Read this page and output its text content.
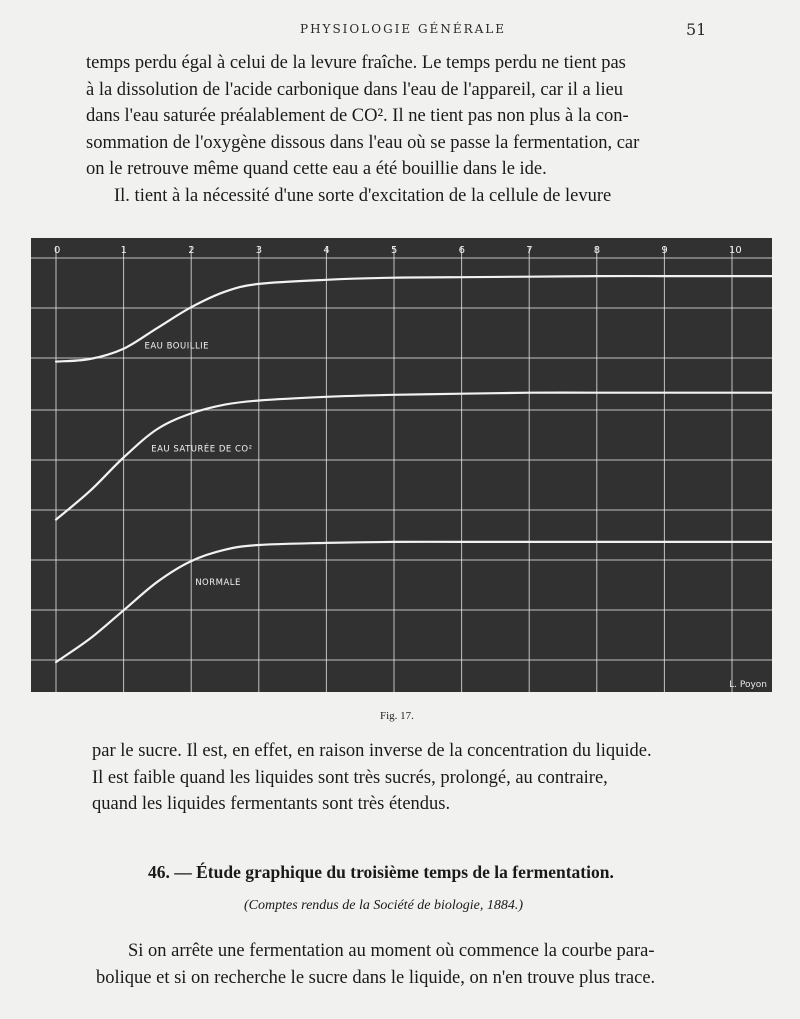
PHYSIOLOGIE GÉNÉRALE	51
temps perdu égal à celui de la levure fraîche. Le temps perdu ne tient pas
à la dissolution de l'acide carbonique dans l'eau de l'appareil, car il a lieu
dans l'eau saturée préalablement de CO². Il ne tient pas non plus à la con-
sommation de l'oxygène dissous dans l'eau où se passe la fermentation, car
on le retrouve même quand cette eau a été bouillie dans le ide.
Il. tient à la nécessité d'une sorte d'excitation de la cellule de levure
0	1	2	3	4	5	6	7	8	9	10
EAU BOUILLIE
EAU SATURÉE DE CO²
NORMALE
L. Poyon
Fig. 17.
par le sucre. Il est, en effet, en raison inverse de la concentration du liquide.
Il est faible quand les liquides sont très sucrés, prolongé, au contraire,
quand les liquides fermentants sont très étendus.
46. — Étude graphique du troisième temps de la fermentation.
(Comptes rendus de la Société de biologie, 1884.)
Si on arrête une fermentation au moment où commence la courbe para-
bolique et si on recherche le sucre dans le liquide, on n'en trouve plus trace.
